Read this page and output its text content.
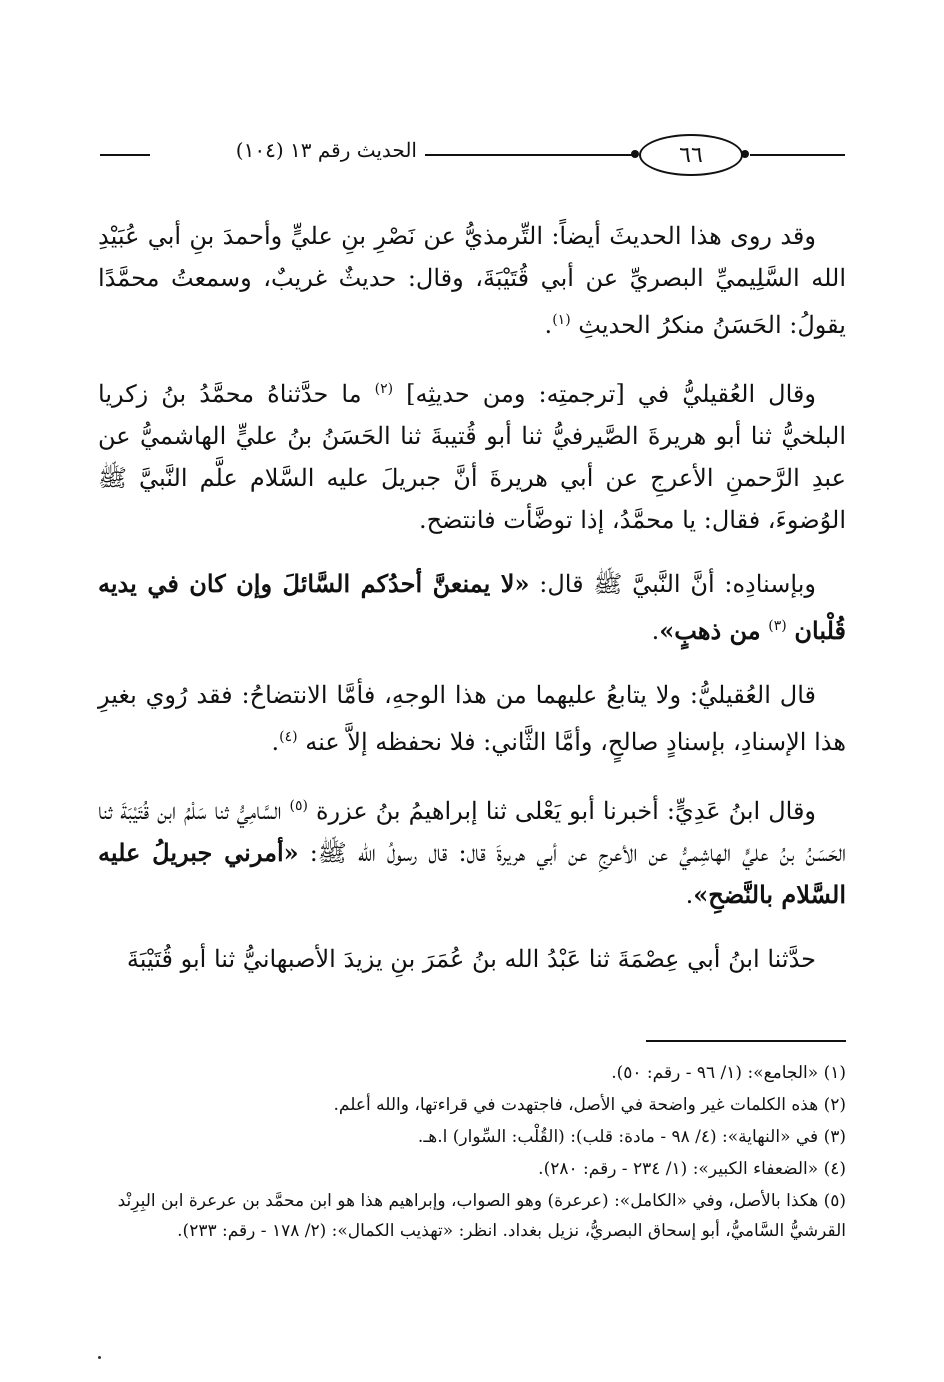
٦٦
الحديث رقم ١٣ (١٠٤)

وقد روى هذا الحديثَ أيضاً: التِّرمذيُّ عن نَصْرِ بنِ عليٍّ وأحمدَ بنِ أبي عُبَيْدِ الله السَّلِيميِّ البصريِّ عن أبي قُتَيْبَةَ، وقال: حديثٌ غريبٌ، وسمعتُ محمَّدًا يقولُ: الحَسَنُ منكرُ الحديثِ $^{(١)}$.

وقال العُقيليُّ في [ترجمتِه: ومن حديثِه] $^{(٢)}$ ما حدَّثناهُ محمَّدُ بنُ زكريا البلخيُّ ثنا أبو هريرةَ الصَّيرفيُّ ثنا أبو قُتيبةَ ثنا الحَسَنُ بنُ عليٍّ الهاشميُّ عن عبدِ الرَّحمنِ الأعرجِ عن أبي هريرةَ أنَّ جبريلَ عليه السَّلام علَّم النَّبيَّ ﷺ الوُضوءَ، فقال: يا محمَّدُ، إذا توضَّأت فانتضح.

وبإسنادِه: أنَّ النَّبيَّ ﷺ قال: «لا يمنعنَّ أحدُكم السَّائلَ وإن كان في يديه قُلْبان $^{(٣)}$ من ذهبٍ».

قال العُقيليُّ: ولا يتابعُ عليهما من هذا الوجهِ، فأمَّا الانتضاحُ: فقد رُوي بغيرِ هذا الإسنادِ، بإسنادٍ صالحٍ، وأمَّا الثَّاني: فلا نحفظه إلاَّ عنه $^{(٤)}$.

وقال ابنُ عَدِيٍّ: أخبرنا أبو يَعْلى ثنا إبراهيمُ بنُ عزرة $^{(٥)}$ السَّامِيُّ ثنا سَلْمُ ابن قُتَيْبَةَ ثنا الحَسَنُ بنُ عليٍّ الهاشِميُّ عن الأعرجِ عن أبي هريرةَ قال: قال رسولُ الله ﷺ: «أمرني جبريلُ عليه السَّلام بالنَّضحِ».

حدَّثنا ابنُ أبي عِصْمَةَ ثنا عَبْدُ الله بنُ عُمَرَ بنِ يزيدَ الأصبهانيُّ ثنا أبو قُتَيْبَةَ

(١) «الجامع»: (١/ ٩٦ - رقم: ٥٠).
(٢) هذه الكلمات غير واضحة في الأصل، فاجتهدت في قراءتها، والله أعلم.
(٣) في «النهاية»: (٤/ ٩٨ - مادة: قلب): (القُلْب: السِّوار) ا.هـ.
(٤) «الضعفاء الكبير»: (١/ ٢٣٤ - رقم: ٢٨٠).
(٥) هكذا بالأصل، وفي «الكامل»: (عرعرة) وهو الصواب، وإبراهيم هذا هو ابن محمَّد بن عرعرة ابن البِرِنْد القرشيُّ السَّاميُّ، أبو إسحاق البصريُّ، نزيل بغداد. انظر: «تهذيب الكمال»: (٢/ ١٧٨ - رقم: ٢٣٣).
